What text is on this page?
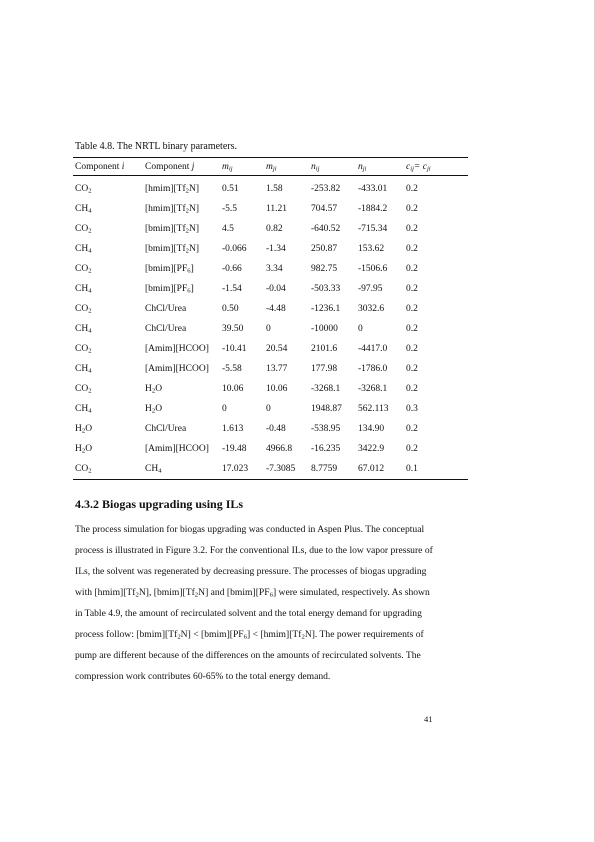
Table 4.8. The NRTL binary parameters.
Component i	Component j	$m_{ij}$	$m_{ji}$	$n_{ij}$	$n_{ji}$	$c_{ij}= c_{ji}$
$CO_2$	$[hmim][Tf_2N]$	0.51	1.58	-253.82	-433.01	0.2
$CH_4$	$[hmim][Tf_2N]$	-5.5	11.21	704.57	-1884.2	0.2
$CO_2$	$[bmim][Tf_2N]$	4.5	0.82	-640.52	-715.34	0.2
$CH_4$	$[bmim][Tf_2N]$	-0.066	-1.34	250.87	153.62	0.2
$CO_2$	$[bmim][PF_6]$	-0.66	3.34	982.75	-1506.6	0.2
$CH_4$	$[bmim][PF_6]$	-1.54	-0.04	-503.33	-97.95	0.2
$CO_2$	ChCl/Urea	0.50	-4.48	-1236.1	3032.6	0.2
$CH_4$	ChCl/Urea	39.50	0	-10000	0	0.2
$CO_2$	[Amim][HCOO]	-10.41	20.54	2101.6	-4417.0	0.2
$CH_4$	[Amim][HCOO]	-5.58	13.77	177.98	-1786.0	0.2
$CO_2$	$H_2O$	10.06	10.06	-3268.1	-3268.1	0.2
$CH_4$	$H_2O$	0	0	1948.87	562.113	0.3
$H_2O$	ChCl/Urea	1.613	-0.48	-538.95	134.90	0.2
$H_2O$	[Amim][HCOO]	-19.48	4966.8	-16.235	3422.9	0.2
$CO_2$	$CH_4$	17.023	-7.3085	8.7759	67.012	0.1
4.3.2 Biogas upgrading using ILs
The process simulation for biogas upgrading was conducted in Aspen Plus. The conceptual
process is illustrated in Figure 3.2. For the conventional ILs, due to the low vapor pressure of
ILs, the solvent was regenerated by decreasing pressure. The processes of biogas upgrading
with $[hmim][Tf_2N]$, $[bmim][Tf_2N]$ and $[bmim][PF_6]$ were simulated, respectively. As shown
in Table 4.9, the amount of recirculated solvent and the total energy demand for upgrading
process follow: $[bmim][Tf_2N]$ < $[bmim][PF_6]$ < $[hmim][Tf_2N]$. The power requirements of
pump are different because of the differences on the amounts of recirculated solvents. The
compression work contributes 60-65% to the total energy demand.
41
